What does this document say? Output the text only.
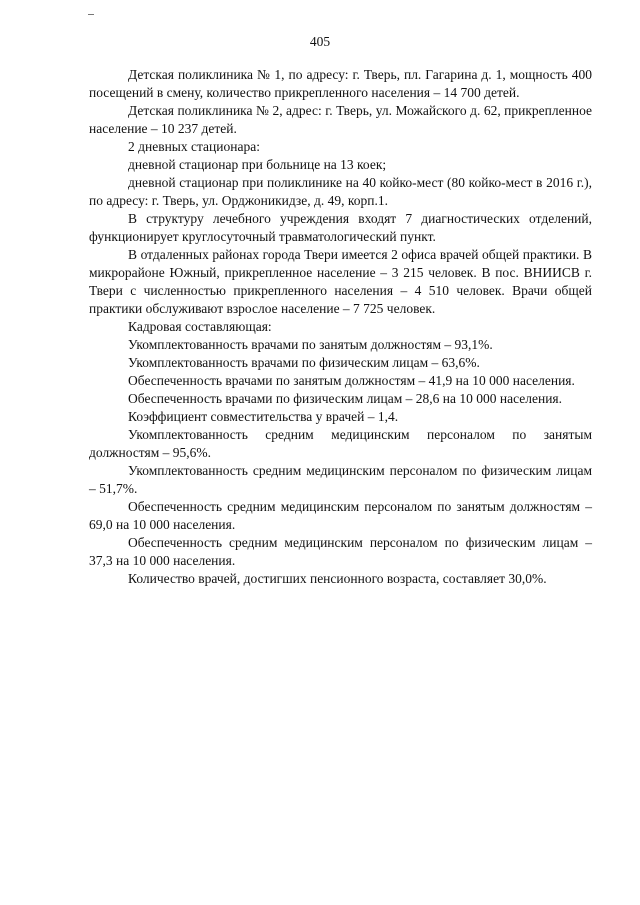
405

Детская поликлиника № 1, по адресу: г. Тверь, пл. Гагарина д. 1, мощность 400 посещений в смену, количество прикрепленного населения – 14 700 детей.

Детская поликлиника № 2, адрес: г. Тверь, ул. Можайского д. 62, прикрепленное население – 10 237 детей.

2 дневных стационара:

дневной стационар при больнице на 13 коек;

дневной стационар при поликлинике на 40 койко-мест (80 койко-мест в 2016 г.), по адресу: г. Тверь, ул. Орджоникидзе, д. 49, корп.1.

В структуру лечебного учреждения входят 7 диагностических отделений, функционирует круглосуточный травматологический пункт.

В отдаленных районах города Твери имеется 2 офиса врачей общей практики. В микрорайоне Южный, прикрепленное население – 3 215 человек. В пос. ВНИИСВ г. Твери с численностью прикрепленного населения – 4 510 человек. Врачи общей практики обслуживают взрослое население – 7 725 человек.

Кадровая составляющая:

Укомплектованность врачами по занятым должностям – 93,1%.

Укомплектованность врачами по физическим лицам – 63,6%.

Обеспеченность врачами по занятым должностям – 41,9 на 10 000 населения.

Обеспеченность врачами по физическим лицам – 28,6 на 10 000 населения.

Коэффициент совместительства у врачей – 1,4.

Укомплектованность средним медицинским персоналом по занятым должностям – 95,6%.

Укомплектованность средним медицинским персоналом по физическим лицам – 51,7%.

Обеспеченность средним медицинским персоналом по занятым должностям – 69,0 на 10 000 населения.

Обеспеченность средним медицинским персоналом по физическим лицам – 37,3 на 10 000 населения.

Количество врачей, достигших пенсионного возраста, составляет 30,0%.
